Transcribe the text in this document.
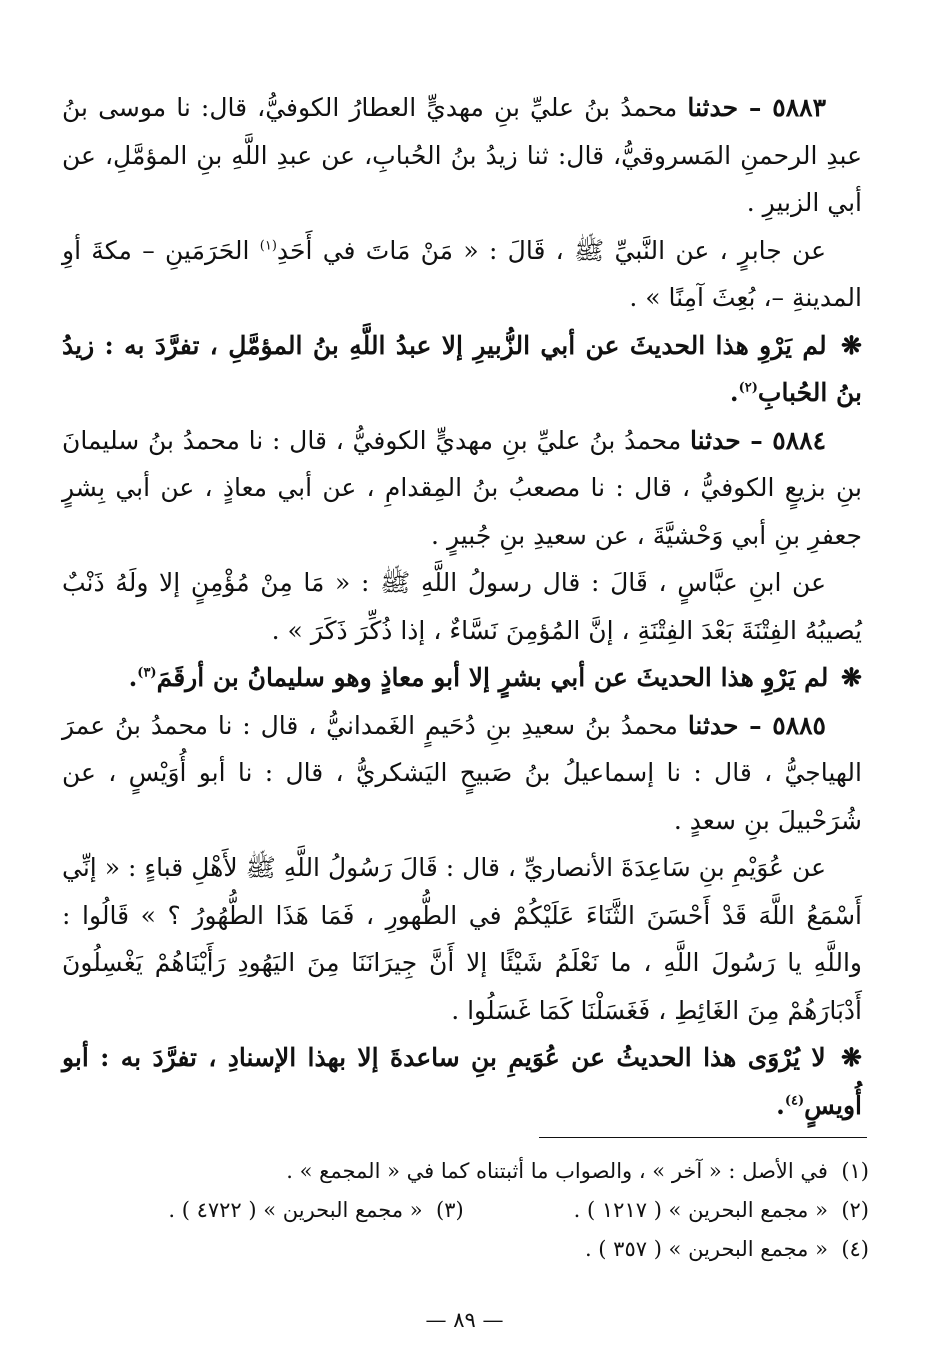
٥٨٨٣ – حدثنا محمدُ بنُ عليِّ بنِ مهديٍّ العطارُ الكوفيُّ، قال: نا موسى بنُ عبدِ الرحمنِ المَسروقيُّ، قال: ثنا زيدُ بنُ الحُبابِ، عن عبدِ اللَّهِ بنِ المؤمَّلِ، عن أبي الزبيرِ .

عن جابرٍ ، عن النَّبيِّ ﷺ ، قَالَ : « مَنْ مَاتَ في أَحَدِ$^{(١)}$ الحَرَمَينِ – مكةَ أوِ المدينةِ –، بُعِثَ آمِنًا » .

❋ لم يَرْوِ هذا الحديثَ عن أبي الزُّبيرِ إلا عبدُ اللَّهِ بنُ المؤمَّلِ ، تفرَّدَ به : زيدُ بنُ الحُبابِ$^{(٢)}$.

٥٨٨٤ – حدثنا محمدُ بنُ عليِّ بنِ مهديٍّ الكوفيُّ ، قال : نا محمدُ بنُ سليمانَ بنِ بزيعٍ الكوفيُّ ، قال : نا مصعبُ بنُ المِقدامِ ، عن أبي معاذٍ ، عن أبي بِشرٍ جعفرِ بنِ أبي وَحْشيَّةَ ، عن سعيدِ بنِ جُبيرٍ .

عن ابنِ عبَّاسٍ ، قَالَ : قال رسولُ اللَّهِ ﷺ : « مَا مِنْ مُؤْمِنٍ إلا ولَهُ ذَنْبٌ يُصيبُهُ الفِتْنَةَ بَعْدَ الفِتْنَةِ ، إنَّ المُؤمِنَ نَسَّاءٌ ، إذا ذُكِّرَ ذَكَرَ » .

❋ لم يَرْوِ هذا الحديثَ عن أبي بشرٍ إلا أبو معاذٍ وهو سليمانُ بن أرقَمَ$^{(٣)}$.

٥٨٨٥ – حدثنا محمدُ بنُ سعيدِ بنِ دُحَيمٍ الغَمدانيُّ ، قال : نا محمدُ بنُ عمرَ الهياجيُّ ، قال : نا إسماعيلُ بنُ صَبيحٍ اليَشكريُّ ، قال : نا أبو أُوَيْسٍ ، عن شُرَحْبيلَ بنِ سعدٍ .

عن عُوَيْمِ بنِ سَاعِدَةَ الأنصاريِّ ، قال : قَالَ رَسُولُ اللَّهِ ﷺ لأَهْلِ قباءٍ : « إنِّي أَسْمَعُ اللَّهَ قَدْ أَحْسَنَ الثَّنَاءَ عَلَيْكُمْ في الطُّهورِ ، فَمَا هَذَا الطُّهُورُ ؟ » قَالُوا : واللَّهِ يا رَسُولَ اللَّهِ ، ما نَعْلَمُ شَيْئًا إلا أَنَّ جِيرَانَنَا مِنَ اليَهُودِ رَأَيْنَاهُمْ يَغْسِلُونَ أَدْبَارَهُمْ مِنَ الغَائِطِ ، فَغَسَلْنَا كَمَا غَسَلُوا .

❋ لا يُرْوَى هذا الحديثُ عن عُوَيمِ بنِ ساعدةَ إلا بهذا الإسنادِ ، تفرَّدَ به : أبو أُويسٍ$^{(٤)}$.

(١)

في الأصل : « آخر » ، والصواب ما أثبتناه كما في « المجمع » .
(٢)  « مجمع البحرين » ( ١٢١٧ ) .
(٣)  « مجمع البحرين » ( ٤٧٢٢ ) .
(٤)

« مجمع البحرين » ( ٣٥٧ ) .
— ٨٩ —
